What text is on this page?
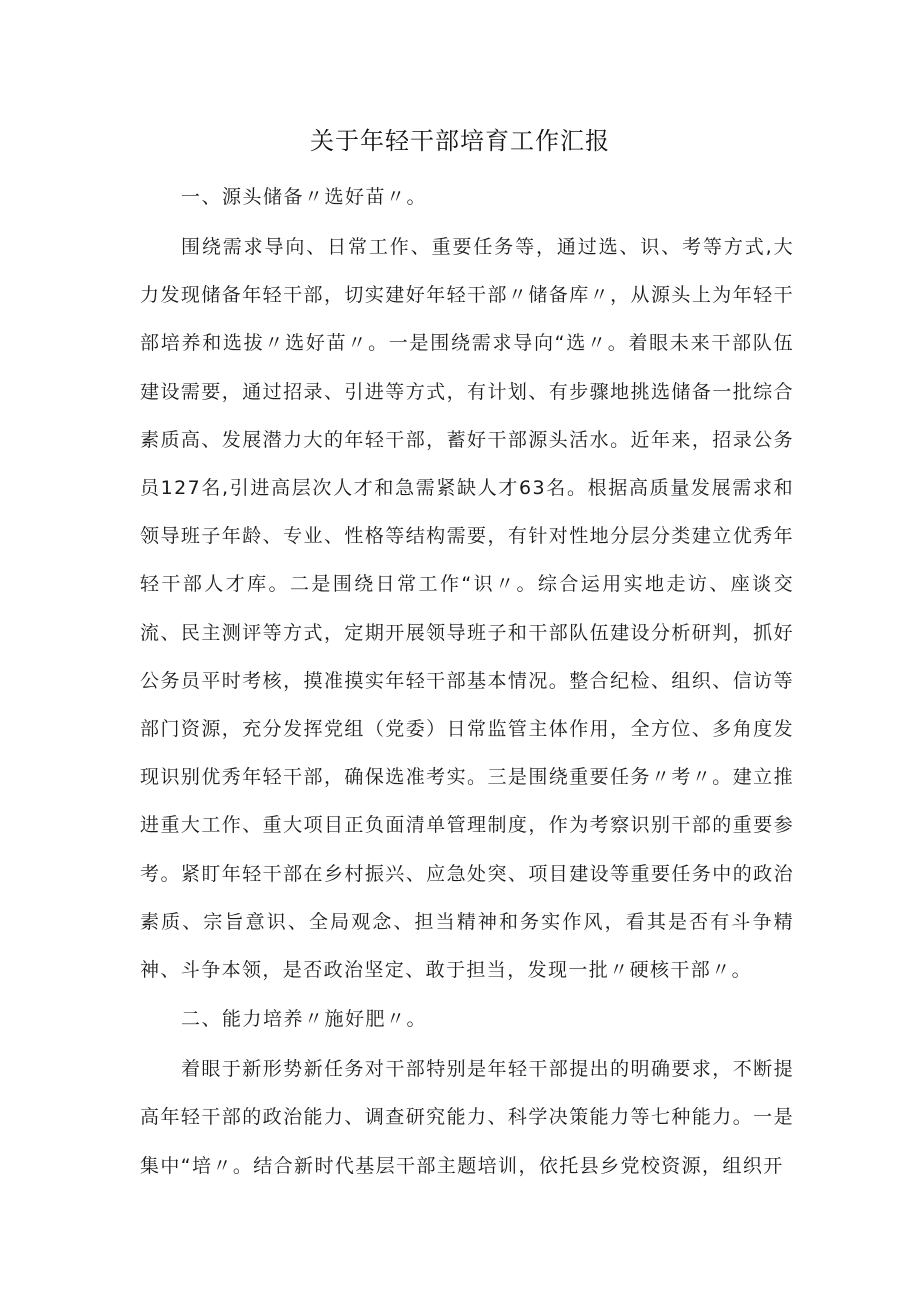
关于年轻干部培育工作汇报
一、源头储备〃选好苗〃。

围绕需求导向、日常工作、重要任务等，通过选、识、考等方式,大力发现储备年轻干部，切实建好年轻干部〃储备库〃，从源头上为年轻干部培养和选拔〃选好苗〃。一是围绕需求导向“选〃。着眼未来干部队伍建设需要，通过招录、引进等方式，有计划、有步骤地挑选储备一批综合素质高、发展潜力大的年轻干部，蓄好干部源头活水。近年来，招录公务员127名,引进高层次人才和急需紧缺人才63名。根据高质量发展需求和领导班子年龄、专业、性格等结构需要，有针对性地分层分类建立优秀年轻干部人才库。二是围绕日常工作“识〃。综合运用实地走访、座谈交流、民主测评等方式，定期开展领导班子和干部队伍建设分析研判，抓好公务员平时考核，摸准摸实年轻干部基本情况。整合纪检、组织、信访等部门资源，充分发挥党组（党委）日常监管主体作用，全方位、多角度发现识别优秀年轻干部，确保选准考实。三是围绕重要任务〃考〃。建立推进重大工作、重大项目正负面清单管理制度，作为考察识别干部的重要参考。紧盯年轻干部在乡村振兴、应急处突、项目建设等重要任务中的政治素质、宗旨意识、全局观念、担当精神和务实作风，看其是否有斗争精神、斗争本领，是否政治坚定、敢于担当，发现一批〃硬核干部〃。

二、能力培养〃施好肥〃。

着眼于新形势新任务对干部特别是年轻干部提出的明确要求，不断提高年轻干部的政治能力、调查研究能力、科学决策能力等七种能力。一是集中“培〃。结合新时代基层干部主题培训，依托县乡党校资源，组织开
